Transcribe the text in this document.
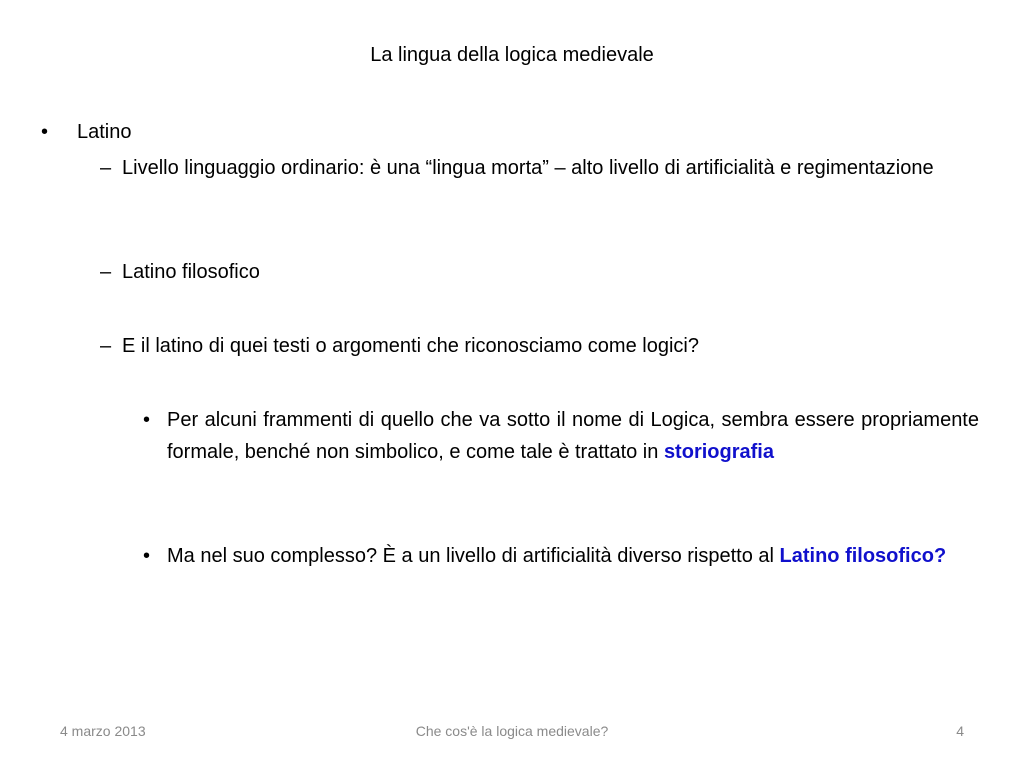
La lingua della logica medievale
• Latino
– Livello linguaggio ordinario: è una “lingua morta” – alto livello di artificialità e regimentazione
– Latino filosofico
– E il latino di quei testi o argomenti che riconosciamo come logici?
• Per alcuni frammenti di quello che va sotto il nome di Logica, sembra essere propriamente formale, benché non simbolico, e come tale è trattato in storiografia
• Ma nel suo complesso? È a un livello di artificialità diverso rispetto al Latino filosofico?
4 marzo 2013	Che cos'è la logica medievale?	4
